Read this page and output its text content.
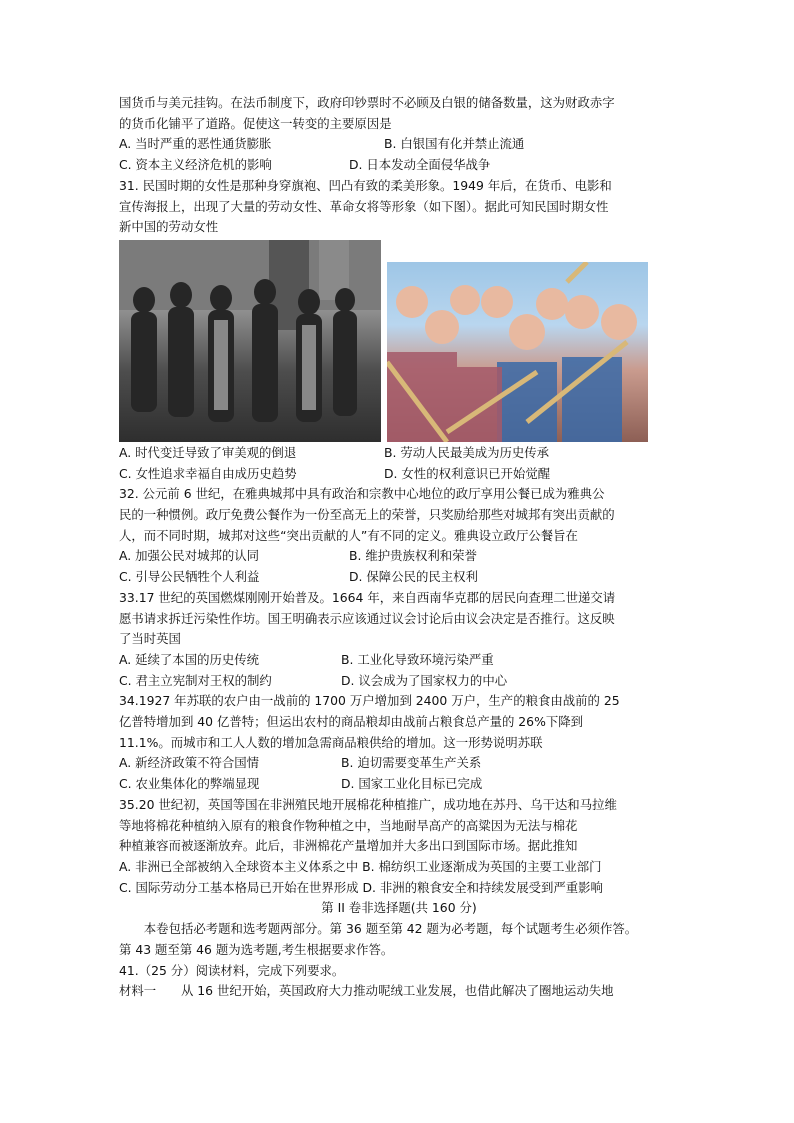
国货币与美元挂钩。在法币制度下，政府印钞票时不必顾及白银的储备数量，这为财政赤字
的货币化铺平了道路。促使这一转变的主要原因是
A. 当时严重的恶性通货膨胀	B. 白银国有化并禁止流通
C. 资本主义经济危机的影响	D. 日本发动全面侵华战争
31. 民国时期的女性是那种身穿旗袍、凹凸有致的柔美形象。1949 年后，在货币、电影和
宣传海报上，出现了大量的劳动女性、革命女将等形象（如下图）。据此可知民国时期女性
新中国的劳动女性
A. 时代变迁导致了审美观的倒退	B. 劳动人民最美成为历史传承
C. 女性追求幸福自由成历史趋势	D. 女性的权利意识已开始觉醒
32. 公元前 6 世纪，在雅典城邦中具有政治和宗教中心地位的政厅享用公餐已成为雅典公
民的一种惯例。政厅免费公餐作为一份至高无上的荣誉，只奖励给那些对城邦有突出贡献的
人，而不同时期，城邦对这些“突出贡献的人”有不同的定义。雅典设立政厅公餐旨在
A. 加强公民对城邦的认同	B. 维护贵族权利和荣誉
C. 引导公民牺牲个人利益	D. 保障公民的民主权利
33.17 世纪的英国燃煤刚刚开始普及。1664 年，来自西南华克郡的居民向查理二世递交请
愿书请求拆迁污染性作坊。国王明确表示应该通过议会讨论后由议会决定是否推行。这反映
了当时英国
A. 延续了本国的历史传统	B. 工业化导致环境污染严重
C. 君主立宪制对王权的制约	D. 议会成为了国家权力的中心
34.1927 年苏联的农户由一战前的 1700 万户增加到 2400 万户，生产的粮食由战前的 25
亿普特增加到 40 亿普特；但运出农村的商品粮却由战前占粮食总产量的 26%下降到
11.1%。而城市和工人人数的增加急需商品粮供给的增加。这一形势说明苏联
A. 新经济政策不符合国情	B. 迫切需要变革生产关系
C. 农业集体化的弊端显现	D. 国家工业化目标已完成
35.20 世纪初，英国等国在非洲殖民地开展棉花种植推广，成功地在苏丹、乌干达和马拉维
等地将棉花种植纳入原有的粮食作物种植之中，当地耐旱高产的高粱因为无法与棉花
种植兼容而被逐渐放弃。此后，非洲棉花产量增加并大多出口到国际市场。据此推知
A. 非洲已全部被纳入全球资本主义体系之中 B. 棉纺织工业逐渐成为英国的主要工业部门
C. 国际劳动分工基本格局已开始在世界形成 D. 非洲的粮食安全和持续发展受到严重影响
第 II 卷非选择题(共 160 分)
本卷包括必考题和选考题两部分。第 36 题至第 42 题为必考题，每个试题考生必须作答。
第 43 题至第 46 题为选考题,考生根据要求作答。
41.（25 分）阅读材料，完成下列要求。
材料一　　从 16 世纪开始，英国政府大力推动呢绒工业发展，也借此解决了圈地运动失地
